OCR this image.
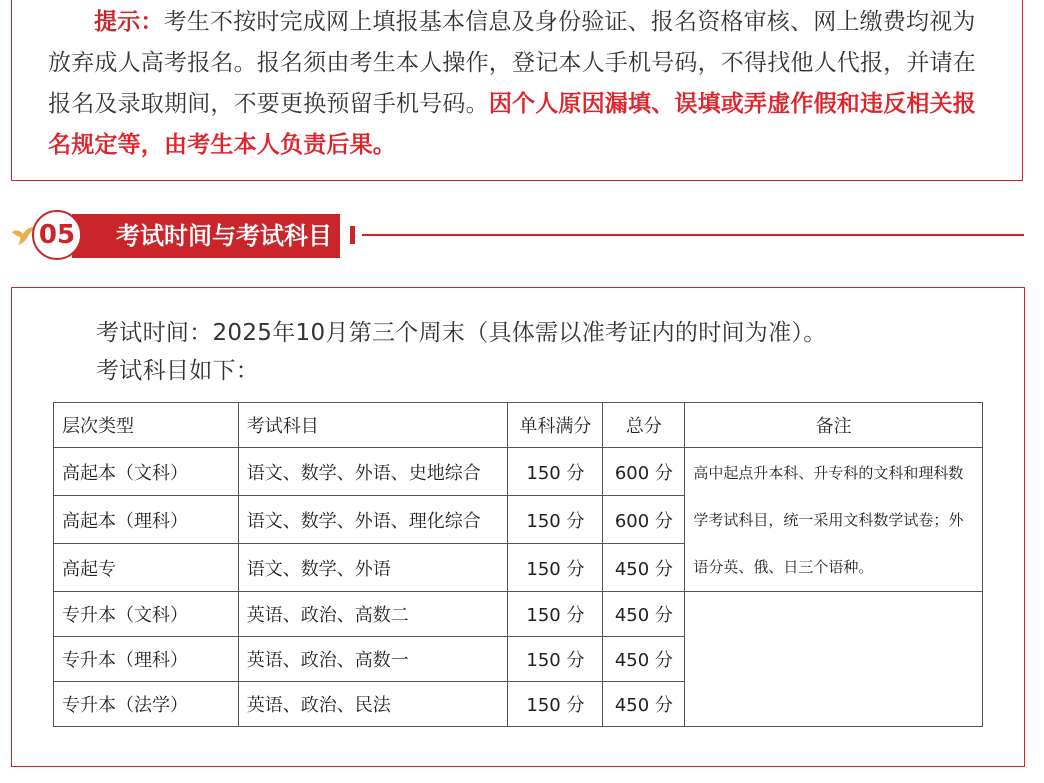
提示：考生不按时完成网上填报基本信息及身份验证、报名资格审核、网上缴费均视为放弃成人高考报名。报名须由考生本人操作，登记本人手机号码，不得找他人代报，并请在报名及录取期间，不要更换预留手机号码。因个人原因漏填、误填或弄虚作假和违反相关报名规定等，由考生本人负责后果。
考试时间与考试科目
05
考试时间：2025年10月第三个周末（具体需以准考证内的时间为准）。
考试科目如下：
层次类型	考试科目	单科满分	总分	备注
高起本（文科）	语文、数学、外语、史地综合	150 分	600 分	高中起点升本科、升专科的文科和理科数学考试科目，统一采用文科数学试卷；外语分英、俄、日三个语种。
高起本（理科）	语文、数学、外语、理化综合	150 分	600 分	
高起专	语文、数学、外语	150 分	450 分	
专升本（文科）	英语、政治、高数二	150 分	450 分	
专升本（理科）	英语、政治、高数一	150 分	450 分	
专升本（法学）	英语、政治、民法	150 分	450 分	
